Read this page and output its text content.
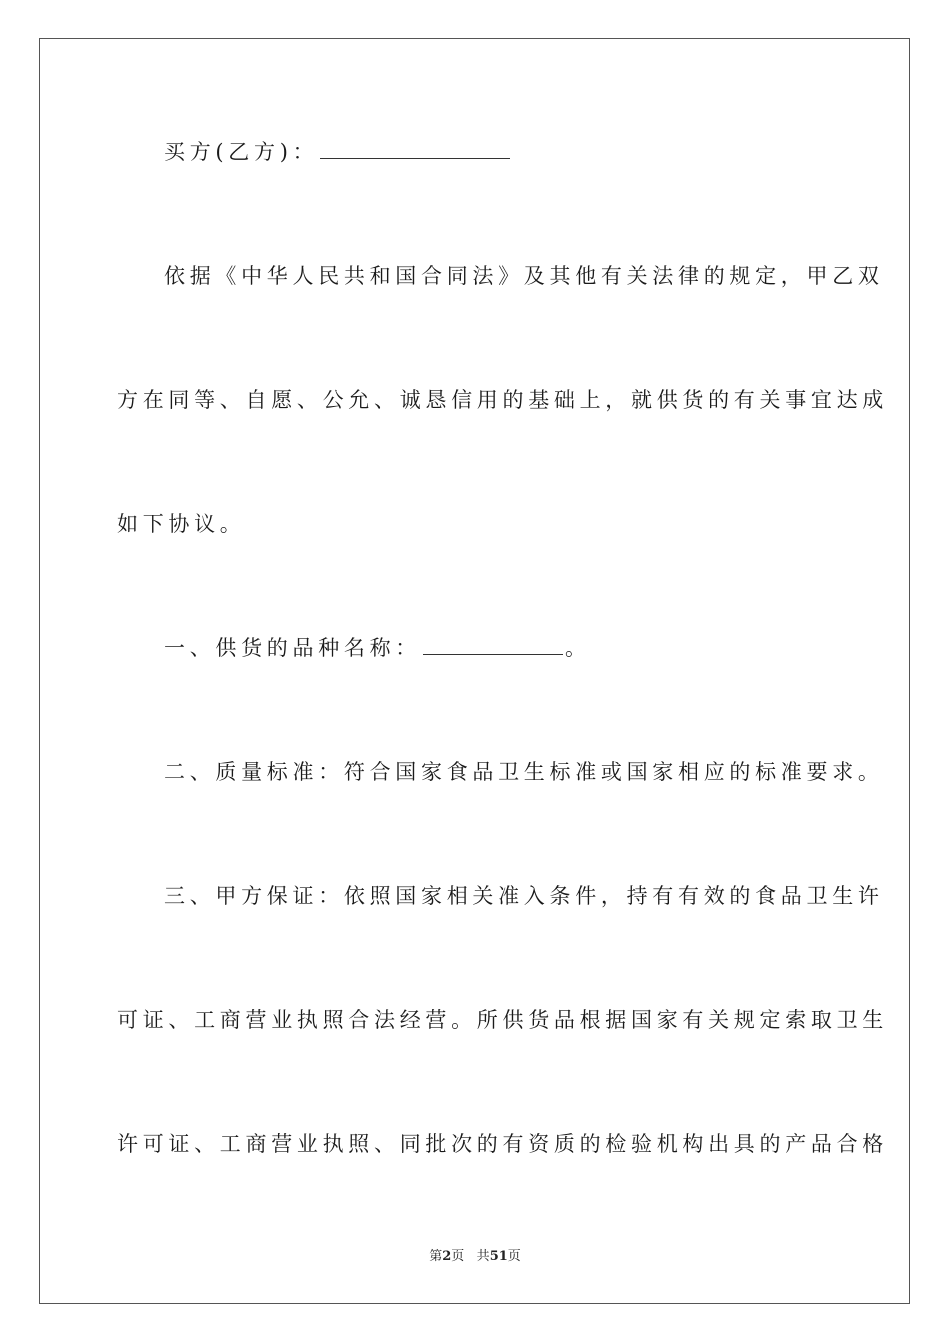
买方(乙方)：
依据《中华人民共和国合同法》及其他有关法律的规定，甲乙双
方在同等、自愿、公允、诚恳信用的基础上，就供货的有关事宜达成
如下协议。
一、供货的品种名称：	。
二、质量标准：符合国家食品卫生标准或国家相应的标准要求。
三、甲方保证：依照国家相关准入条件，持有有效的食品卫生许
可证、工商营业执照合法经营。所供货品根据国家有关规定索取卫生
许可证、工商营业执照、同批次的有资质的检验机构出具的产品合格
第2页 共51页
